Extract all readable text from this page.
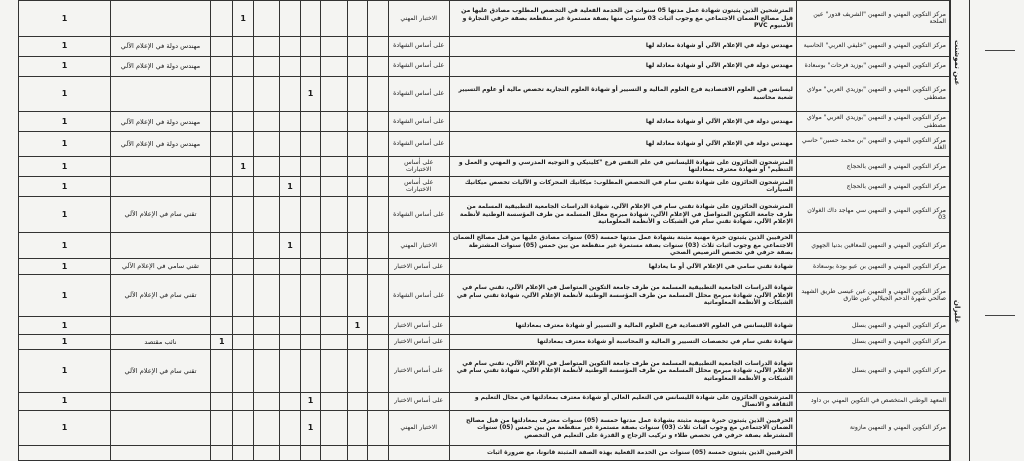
عين تموشنت
غليزان
مركز التكوين المهني و التمهين "الشريف قدور" عين الملحة	المترشحين الذين يثبتون شهادة عمل مدتها 05 سنوات من الخدمة الفعلية في التخصص المطلوب مصادق عليها من قبل مصالح الضمان الاجتماعي مع وجوب اثبات 03 سنوات منها بصفة مستمرة غير منقطعة بصفة حرفي النجارة و الأمنيوم PVC	الاختبار المهني							1			1
مركز التكوين المهني و التمهين "خليفي العربي" الحاسية	مهندس دولة في الإعلام الآلي أو شهادة معادلة لها	على أساس الشهادة									مهندس دولة في الإعلام الآلي	1
مركز التكوين المهني و التمهين "بوزيد فرحات" بوسعادة	مهندس دولة في الإعلام الآلي أو شهادة معادلة لها	على أساس الشهادة									مهندس دولة في الإعلام الآلي	1
مركز التكوين المهني و التمهين "بوزيدي العربي" مولاي مصطفى	ليسانس في العلوم الاقتصادية فرع العلوم المالية و التسيير أو شهادة العلوم التجارية تخصص مالية أو علوم التسيير شعبة محاسبة	على أساس الشهادة				1						1
مركز التكوين المهني و التمهين "بوزيدي العربي" مولاي مصطفى	مهندس دولة في الإعلام الآلي أو شهادة معادلة لها	على أساس الشهادة									مهندس دولة في الإعلام الآلي	1
مركز التكوين المهني و التمهين "بن محمد حسين" حاسي الغلة	مهندس دولة في الإعلام الآلي أو شهادة معادلة لها	على أساس الشهادة									مهندس دولة في الإعلام الآلي	1
مركز التكوين المهني و التمهين بالحجاج	المترشحون الحائزون على شهادة الليسانس في علم النفس فرع "كلينيكي و التوجيه المدرسي و المهني و العمل و التنظيم" أو شهادة معترف بمعادلتها	على أساس الاختبارات							1			1
مركز التكوين المهني و التمهين بالحجاج	المترشحون الحائزون على شهادة تقني سام في التخصص المطلوب: ميكانيك المحركات و الآليات تخصص ميكانيك السيارات	على أساس الاختبارات					1					1
مركز التكوين المهني و التمهين سي مهاجد داك الغولان 03	المترشحون الحائزون على شهادة تقني سام في الإعلام الآلي، شهادة الدراسات الجامعية التطبيقية المسلمة من طرف جامعة التكوين المتواصل في الإعلام الآلي، شهادة مبرمج معلل المسلمة من طرف المؤسسة الوطنية لأنظمة الإعلام الآلي، شهادة تقني سام في الشبكات و الأنظمة المعلوماتية	على أساس الشهادة									تقني سام في الإعلام الآلي	1
مركز التكوين المهني و التمهين للمعاقين بدنيا الجهوي	الحرفيين الذين يثبتون خبرة مهنية مثبتة بشهادة عمل مدتها خمسة (05) سنوات مصادق عليها من قبل مصالح الضمان الاجتماعي مع وجوب اثبات ثلاث (03) سنوات بصفة مستمرة غير منقطعة من بين خمس (05) سنوات المشترطة بصفة حرفي في تخصص الترصيص الصحي	الاختيار المهني					1					1
مركز التكوين المهني و التمهين بن عبو بودة بوسعادة	شهادة تقني سامي في الإعلام الآلي أو ما يعادلها	على أساس الاختبار									تقني سامي في الإعلام الآلي	1
مركز التكوين المهني و التمهين عين عيسى طريق الشهيد صالحي شهرة الدحم الجيلالي عين طارق	شهادة الدراسات الجامعية التطبيقية المسلمة من طرف جامعة التكوين المتواصل في الإعلام الآلي، تقني سام في الإعلام الآلي، شهادة مبرمج محلل المسلمة من طرف المؤسسة الوطنية لأنظمة الإعلام الآلي، شهادة تقني سام في الشبكات و الأنظمة المعلوماتية	على أساس الشهادة									تقني سام في الإعلام الآلي	1
مركز التكوين المهني و التمهين بسلل	شهادة الليسانس في العلوم الاقتصادية فرع العلوم المالية و التسيير أو شهادة معترف بمعادلتها	على أساس الاختبار		1								1
مركز التكوين المهني و التمهين بسلل	شهادة تقني سام في تخصصات التسيير و المالية و المحاسبة أو شهادة معترف بمعادلتها	على أساس الاختبار								1	نائب مقتصد	1
مركز التكوين المهني و التمهين بسلل	شهادة الدراسات الجامعية التطبيقية المسلمة من طرف جامعة التكوين المتواصل في الإعلام الآلي، تقني سام في الإعلام الآلي، شهادة مبرمج محلل المسلمة من طرف المؤسسة الوطنية لأنظمة الإعلام الآلي، شهادة تقني سام في الشبكات و الأنظمة المعلوماتية	على أساس الاختبار									تقني سام في الإعلام الآلي	1
المعهد الوطني المتخصص في التكوين المهني بن داود	المترشحون الحائزون على شهادة الليسانس في التعليم العالي أو شهادة معترف بمعادلتها في مجال التعليم و الثقافة و الاتصال	على أساس الاختبار				1						1
مركز التكوين المهني و التمهين مازونة	الحرفيين الذين يثبتون خبرة مهنية مثبتة بشهادة عمل مدتها خمسة (05) سنوات معترف بمعادلتها من قبل مصالح الضمان الاجتماعي مع وجوب اثبات ثلاث (03) سنوات بصفة مستمرة غير منقطعة من بين خمس (05) سنوات المشترطة بصفة حرفي في تخصص طلاء و تركيب الزجاج و القدرة على التعليم في التخصص	الاختيار المهني				1						1
	الحرفيين الذين يثبتون خمسة (05) سنوات من الخدمة الفعلية بهذه الصفة المثبتة قانونا، مع ضرورة اثبات											
